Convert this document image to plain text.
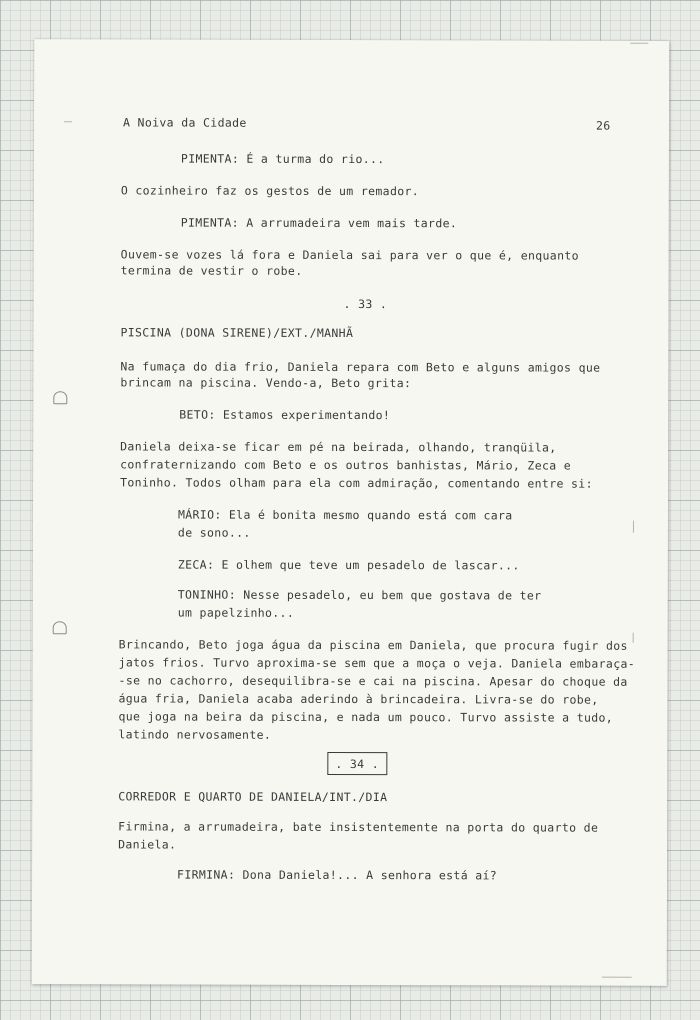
A Noiva da Cidade	26

PIMENTA: É a turma do rio...

O cozinheiro faz os gestos de um remador.

PIMENTA: A arrumadeira vem mais tarde.

Ouvem-se vozes lá fora e Daniela sai para ver o que é, enquanto

termina de vestir o robe.

. 33 .

PISCINA (DONA SIRENE)/EXT./MANHÃ

Na fumaça do dia frio, Daniela repara com Beto e alguns amigos que

brincam na piscina. Vendo-a, Beto grita:

BETO: Estamos experimentando!

Daniela deixa-se ficar em pé na beirada, olhando, tranqüila,

confraternizando com Beto e os outros banhistas, Mário, Zeca e

Toninho. Todos olham para ela com admiração, comentando entre si:

MÁRIO: Ela é bonita mesmo quando está com cara

de sono...

ZECA: E olhem que teve um pesadelo de lascar...

TONINHO: Nesse pesadelo, eu bem que gostava de ter

um papelzinho...

Brincando, Beto joga água da piscina em Daniela, que procura fugir dos

jatos frios. Turvo aproxima-se sem que a moça o veja. Daniela embaraça-

-se no cachorro, desequilibra-se e cai na piscina. Apesar do choque da

água fria, Daniela acaba aderindo à brincadeira. Livra-se do robe,

que joga na beira da piscina, e nada um pouco. Turvo assiste a tudo,

latindo nervosamente.

. 34 .

CORREDOR E QUARTO DE DANIELA/INT./DIA

Firmina, a arrumadeira, bate insistentemente na porta do quarto de

Daniela.

FIRMINA: Dona Daniela!... A senhora está aí?
